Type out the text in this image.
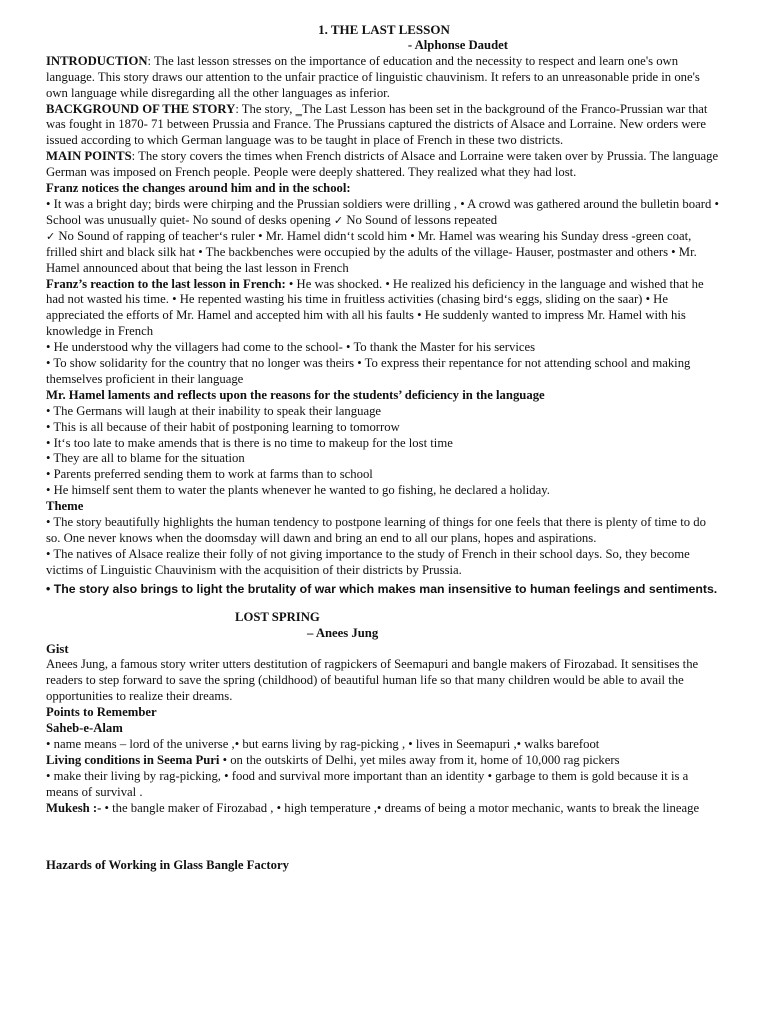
1. THE LAST LESSON
- Alphonse Daudet

INTRODUCTION: The last lesson stresses on the importance of education and the necessity to respect and learn one's own language. This story draws our attention to the unfair practice of linguistic chauvinism. It refers to an unreasonable pride in one's own language while disregarding all the other languages as inferior.

BACKGROUND OF THE STORY: The story, ‗The Last Lesson has been set in the background of the Franco-Prussian war that was fought in 1870- 71 between Prussia and France. The Prussians captured the districts of Alsace and Lorraine. New orders were issued according to which German language was to be taught in place of French in these two districts.

MAIN POINTS: The story covers the times when French districts of Alsace and Lorraine were taken over by Prussia. The language German was imposed on French people. People were deeply shattered. They realized what they had lost.

Franz notices the changes around him and in the school:

• It was a bright day; birds were chirping and the Prussian soldiers were drilling , • A crowd was gathered around the bulletin board • School was unusually quiet- No sound of desks opening ✓ No Sound of lessons repeated
✓ No Sound of rapping of teacher‘s ruler • Mr. Hamel didn‘t scold him • Mr. Hamel was wearing his Sunday dress -green coat, frilled shirt and black silk hat • The backbenches were occupied by the adults of the village- Hauser, postmaster and others • Mr. Hamel announced about that being the last lesson in French

Franz’s reaction to the last lesson in French: • He was shocked. • He realized his deficiency in the language and wished that he had not wasted his time. • He repented wasting his time in fruitless activities (chasing bird‘s eggs, sliding on the saar) • He appreciated the efforts of Mr. Hamel and accepted him with all his faults • He suddenly wanted to impress Mr. Hamel with his knowledge in French

• He understood why the villagers had come to the school- • To thank the Master for his services
• To show solidarity for the country that no longer was theirs • To express their repentance for not attending school and making themselves proficient in their language
Mr. Hamel laments and reflects upon the reasons for the students’ deficiency in the language
• The Germans will laugh at their inability to speak their language
• This is all because of their habit of postponing learning to tomorrow
• It‘s too late to make amends that is there is no time to makeup for the lost time
• They are all to blame for the situation
• Parents preferred sending them to work at farms than to school
• He himself sent them to water the plants whenever he wanted to go fishing, he declared a holiday.
Theme
• The story beautifully highlights the human tendency to postpone learning of things for one feels that there is plenty of time to do so. One never knows when the doomsday will dawn and bring an end to all our plans, hopes and aspirations.
• The natives of Alsace realize their folly of not giving importance to the study of French in their school days. So, they become victims of Linguistic Chauvinism with the acquisition of their districts by Prussia.
• The story also brings to light the brutality of war which makes man insensitive to human feelings and sentiments.
LOST SPRING
– Anees Jung
Gist

Anees Jung, a famous story writer utters destitution of ragpickers of Seemapuri and bangle makers of Firozabad. It sensitises the readers to step forward to save the spring (childhood) of beautiful human life so that many children would be able to avail the opportunities to realize their dreams.

Points to Remember
Saheb-e-Alam
• name means – lord of the universe ,• but earns living by rag-picking , • lives in Seemapuri ,• walks barefoot

Living conditions in Seema Puri • on the outskirts of Delhi, yet miles away from it, home of 10,000 rag pickers

• make their living by rag-picking, • food and survival more important than an identity • garbage to them is gold because it is a means of survival .

Mukesh :- • the bangle maker of Firozabad , • high temperature ,• dreams of being a motor mechanic, wants to break the lineage

Hazards of Working in Glass Bangle Factory
